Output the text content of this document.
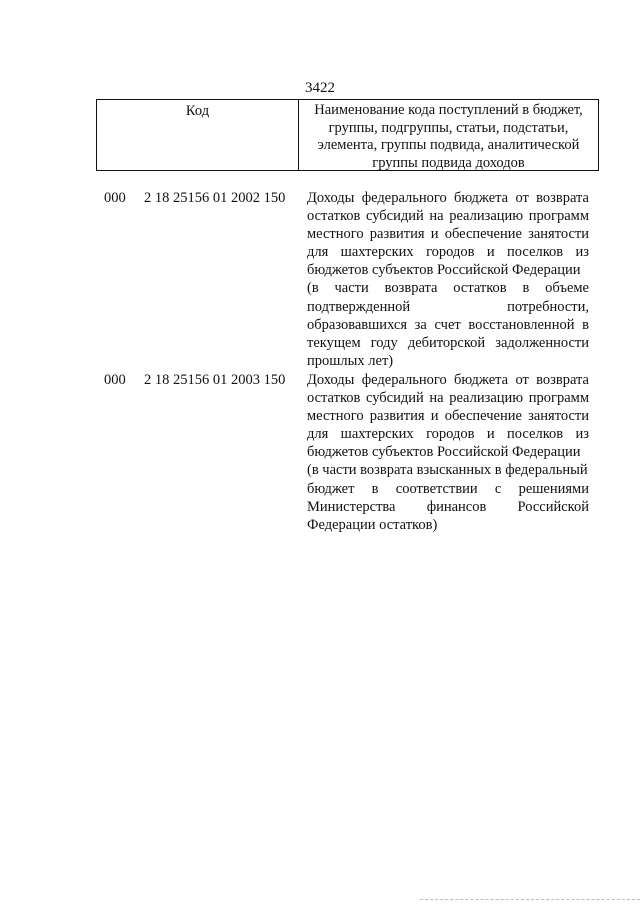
3422
Код	Наименование кода поступлений в бюджет, группы, подгруппы, статьи, подстатьи, элемента, группы подвида, аналитической группы подвида доходов
000 2 18 25156 01 2002 150 Доходы федерального бюджета от возврата
остатков субсидий на реализацию программ
местного развития и обеспечение занятости
для шахтерских городов и поселков из
бюджетов субъектов Российской Федерации
(в части возврата остатков в объеме
подтвержденной потребности,
образовавшихся за счет восстановленной в
текущем году дебиторской задолженности
прошлых лет)
000 2 18 25156 01 2003 150 Доходы федерального бюджета от возврата
остатков субсидий на реализацию программ
местного развития и обеспечение занятости
для шахтерских городов и поселков из
бюджетов субъектов Российской Федерации
(в части возврата взысканных в федеральный
бюджет в соответствии с решениями
Министерства финансов Российской
Федерации остатков)
